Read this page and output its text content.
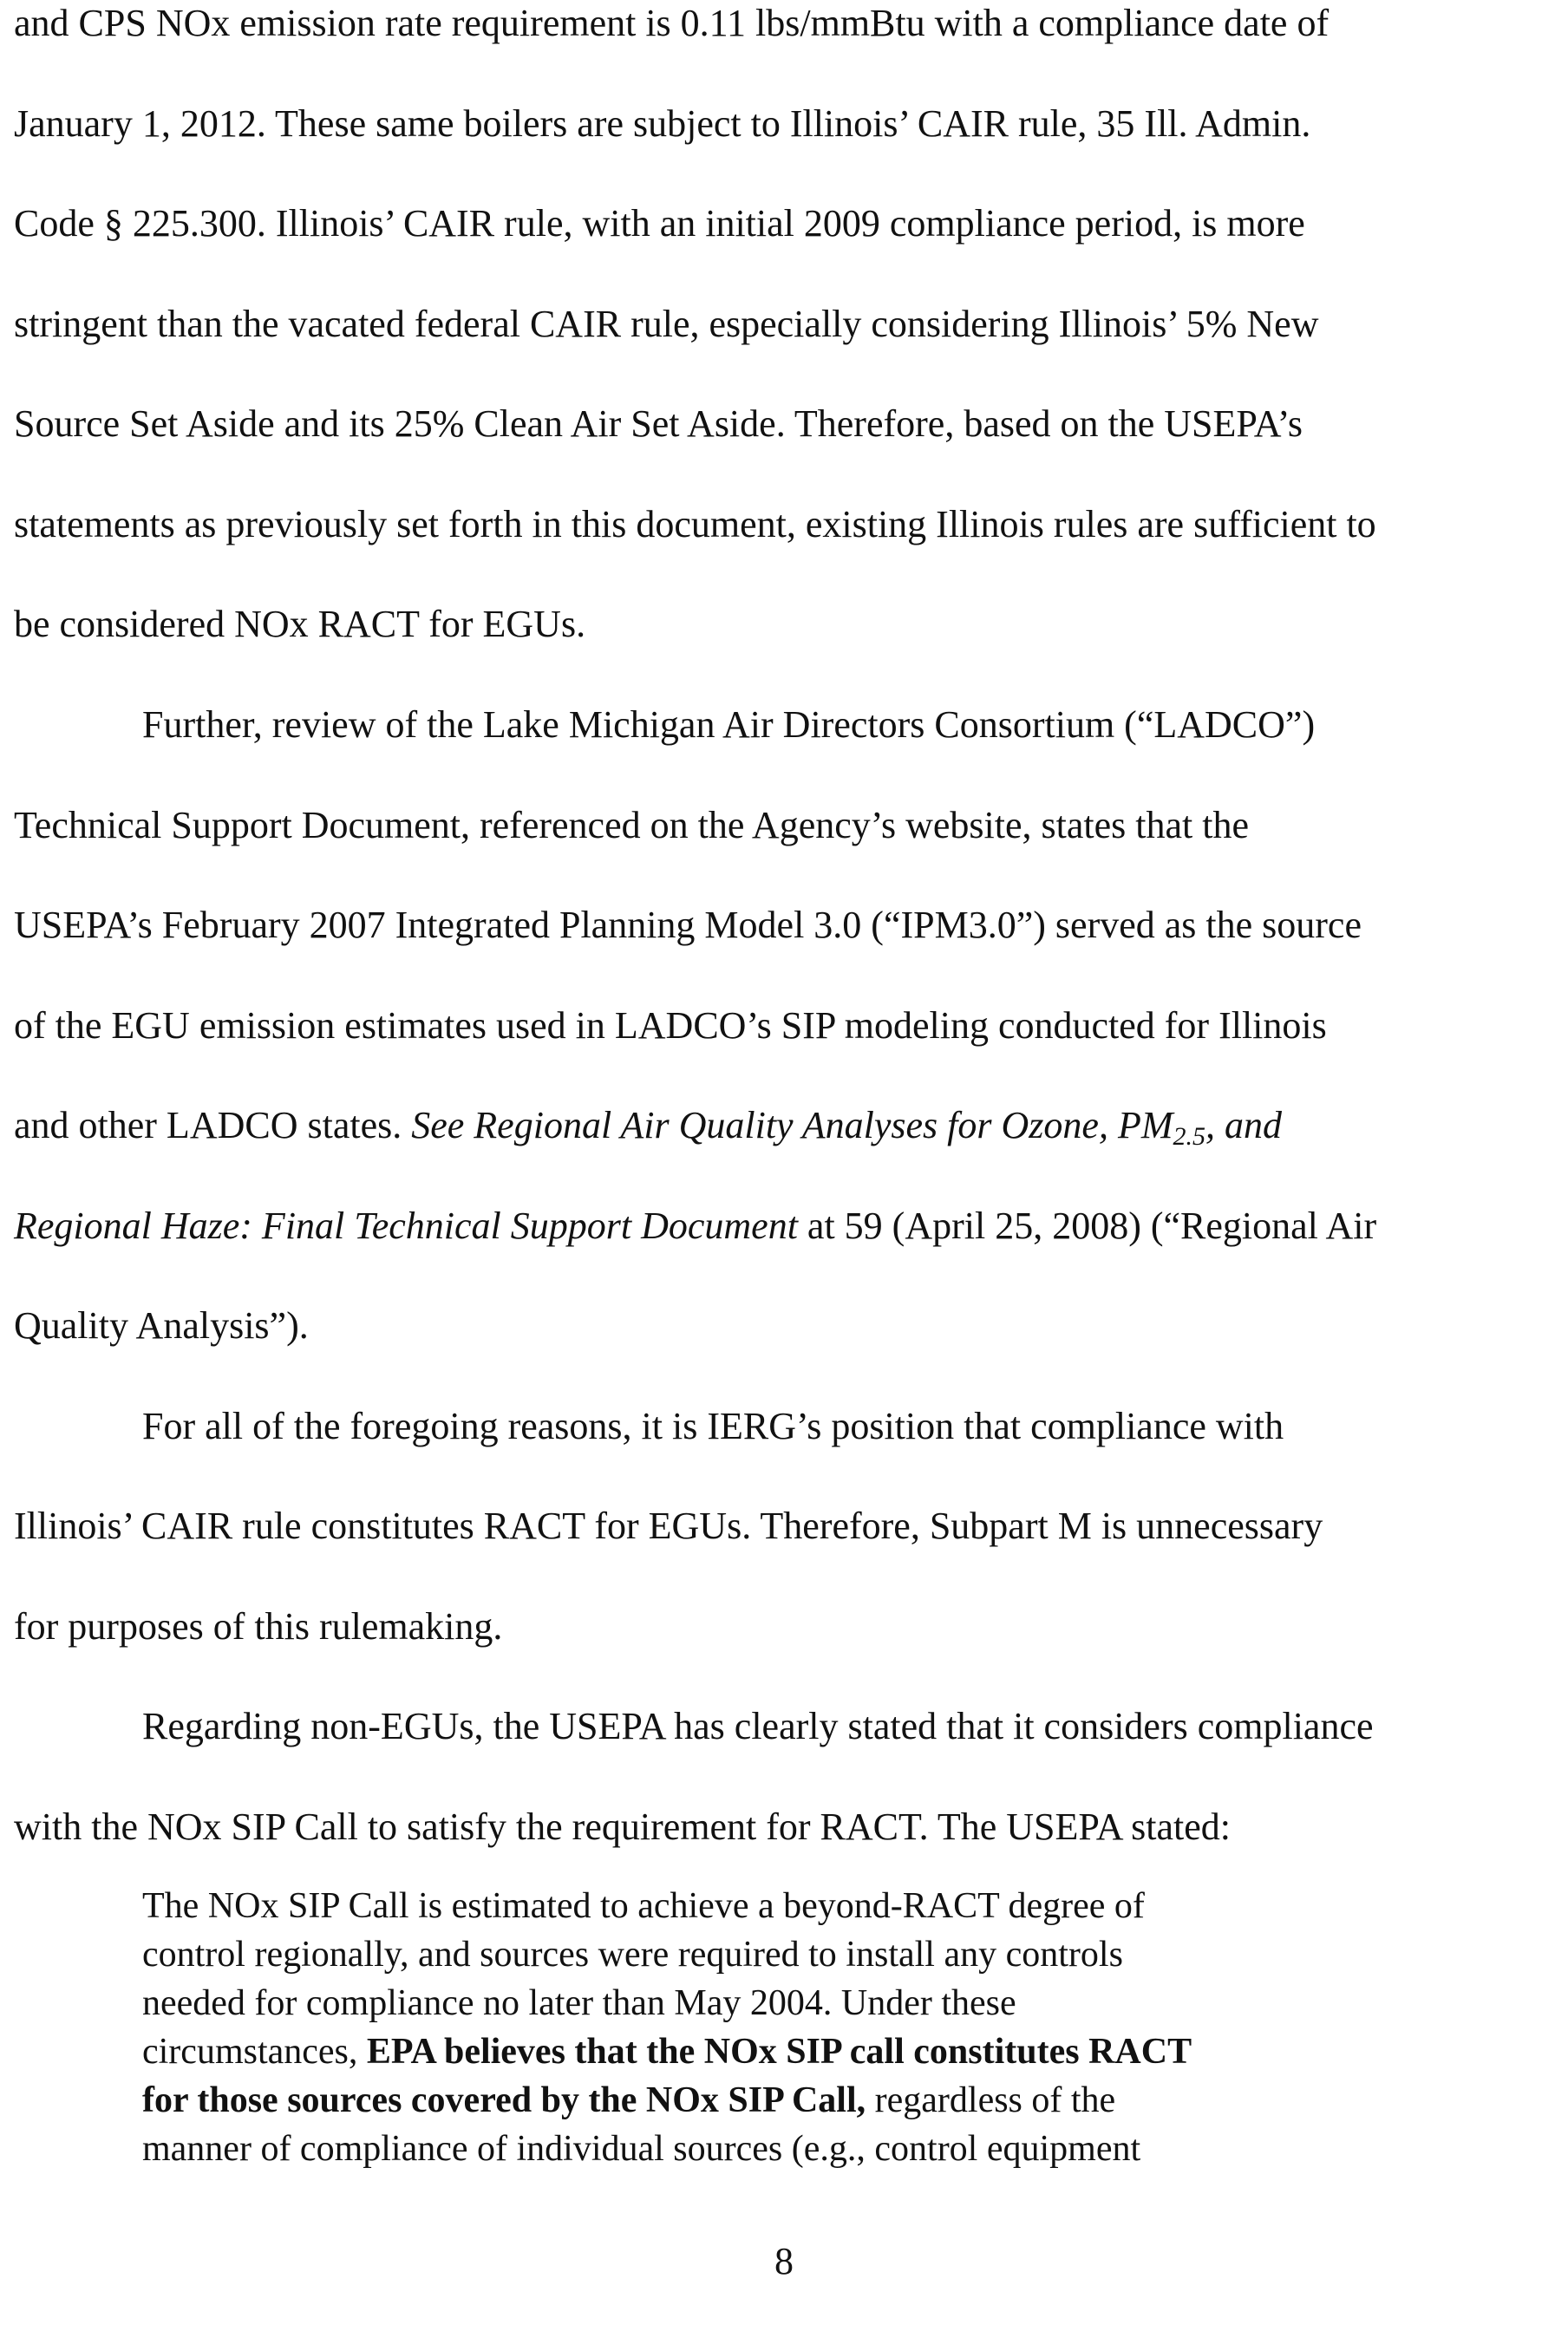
and CPS NOx emission rate requirement is 0.11 lbs/mmBtu with a compliance date of
January 1, 2012. These same boilers are subject to Illinois’ CAIR rule, 35 Ill. Admin.
Code § 225.300. Illinois’ CAIR rule, with an initial 2009 compliance period, is more
stringent than the vacated federal CAIR rule, especially considering Illinois’ 5% New
Source Set Aside and its 25% Clean Air Set Aside. Therefore, based on the USEPA’s
statements as previously set forth in this document, existing Illinois rules are sufficient to
be considered NOx RACT for EGUs.
Further, review of the Lake Michigan Air Directors Consortium (“LADCO”)
Technical Support Document, referenced on the Agency’s website, states that the
USEPA’s February 2007 Integrated Planning Model 3.0 (“IPM3.0”) served as the source
of the EGU emission estimates used in LADCO’s SIP modeling conducted for Illinois
and other LADCO states. See Regional Air Quality Analyses for Ozone, $PM_{2.5}$, and
Regional Haze: Final Technical Support Document at 59 (April 25, 2008) (“Regional Air
Quality Analysis”).
For all of the foregoing reasons, it is IERG’s position that compliance with
Illinois’ CAIR rule constitutes RACT for EGUs. Therefore, Subpart M is unnecessary
for purposes of this rulemaking.
Regarding non-EGUs, the USEPA has clearly stated that it considers compliance
with the NOx SIP Call to satisfy the requirement for RACT. The USEPA stated:
The NOx SIP Call is estimated to achieve a beyond-RACT degree of
control regionally, and sources were required to install any controls
needed for compliance no later than May 2004. Under these
circumstances, EPA believes that the NOx SIP call constitutes RACT
for those sources covered by the NOx SIP Call, regardless of the
manner of compliance of individual sources (e.g., control equipment
8
